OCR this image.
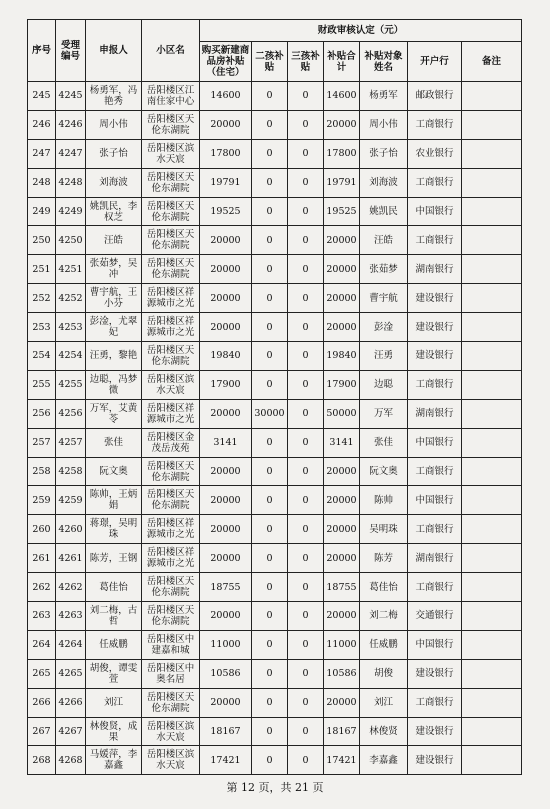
序号	受理编号	申报人	小区名	财政审核认定（元）						
				购买新建商品房补贴（住宅）	二孩补贴	三孩补贴	补贴合计	补贴对象姓名	开户行	备注
245	4245	杨勇军，冯艳秀	岳阳楼区江南住家中心	14600	0	0	14600	杨勇军	邮政银行	
246	4246	周小伟	岳阳楼区天伦东湖院	20000	0	0	20000	周小伟	工商银行	
247	4247	张子怡	岳阳楼区滨水天宸	17800	0	0	17800	张子怡	农业银行	
248	4248	刘海波	岳阳楼区天伦东湖院	19791	0	0	19791	刘海波	工商银行	
249	4249	姚凯民，李权芝	岳阳楼区天伦东湖院	19525	0	0	19525	姚凯民	中国银行	
250	4250	汪皓	岳阳楼区天伦东湖院	20000	0	0	20000	汪皓	工商银行	
251	4251	张茹梦，吴冲	岳阳楼区天伦东湖院	20000	0	0	20000	张茹梦	湖南银行	
252	4252	曹宇航，王小芬	岳阳楼区祥源城市之光	20000	0	0	20000	曹宇航	建设银行	
253	4253	彭淦，尤翠妃	岳阳楼区祥源城市之光	20000	0	0	20000	彭淦	建设银行	
254	4254	汪勇，黎艳	岳阳楼区天伦东湖院	19840	0	0	19840	汪勇	建设银行	
255	4255	边聪，冯梦微	岳阳楼区滨水天宸	17900	0	0	17900	边聪	工商银行	
256	4256	万军，艾黄苓	岳阳楼区祥源城市之光	20000	30000	0	50000	万军	湖南银行	
257	4257	张佳	岳阳楼区金茂岳茂苑	3141	0	0	3141	张佳	中国银行	
258	4258	阮文奥	岳阳楼区天伦东湖院	20000	0	0	20000	阮文奥	工商银行	
259	4259	陈帅，王炳娟	岳阳楼区天伦东湖院	20000	0	0	20000	陈帅	中国银行	
260	4260	蒋璟，吴明珠	岳阳楼区祥源城市之光	20000	0	0	20000	吴明珠	工商银行	
261	4261	陈芳，王钢	岳阳楼区祥源城市之光	20000	0	0	20000	陈芳	湖南银行	
262	4262	葛佳怡	岳阳楼区天伦东湖院	18755	0	0	18755	葛佳怡	工商银行	
263	4263	刘二梅，古哲	岳阳楼区天伦东湖院	20000	0	0	20000	刘二梅	交通银行	
264	4264	任威鹏	岳阳楼区中建嘉和城	11000	0	0	11000	任威鹏	中国银行	
265	4265	胡俊，谭雯萱	岳阳楼区中奥名居	10586	0	0	10586	胡俊	建设银行	
266	4266	刘江	岳阳楼区天伦东湖院	20000	0	0	20000	刘江	工商银行	
267	4267	林俊贤，成果	岳阳楼区滨水天宸	18167	0	0	18167	林俊贤	建设银行	
268	4268	马媛萍，李嘉鑫	岳阳楼区滨水天宸	17421	0	0	17421	李嘉鑫	建设银行	
第 12 页，共 21 页
